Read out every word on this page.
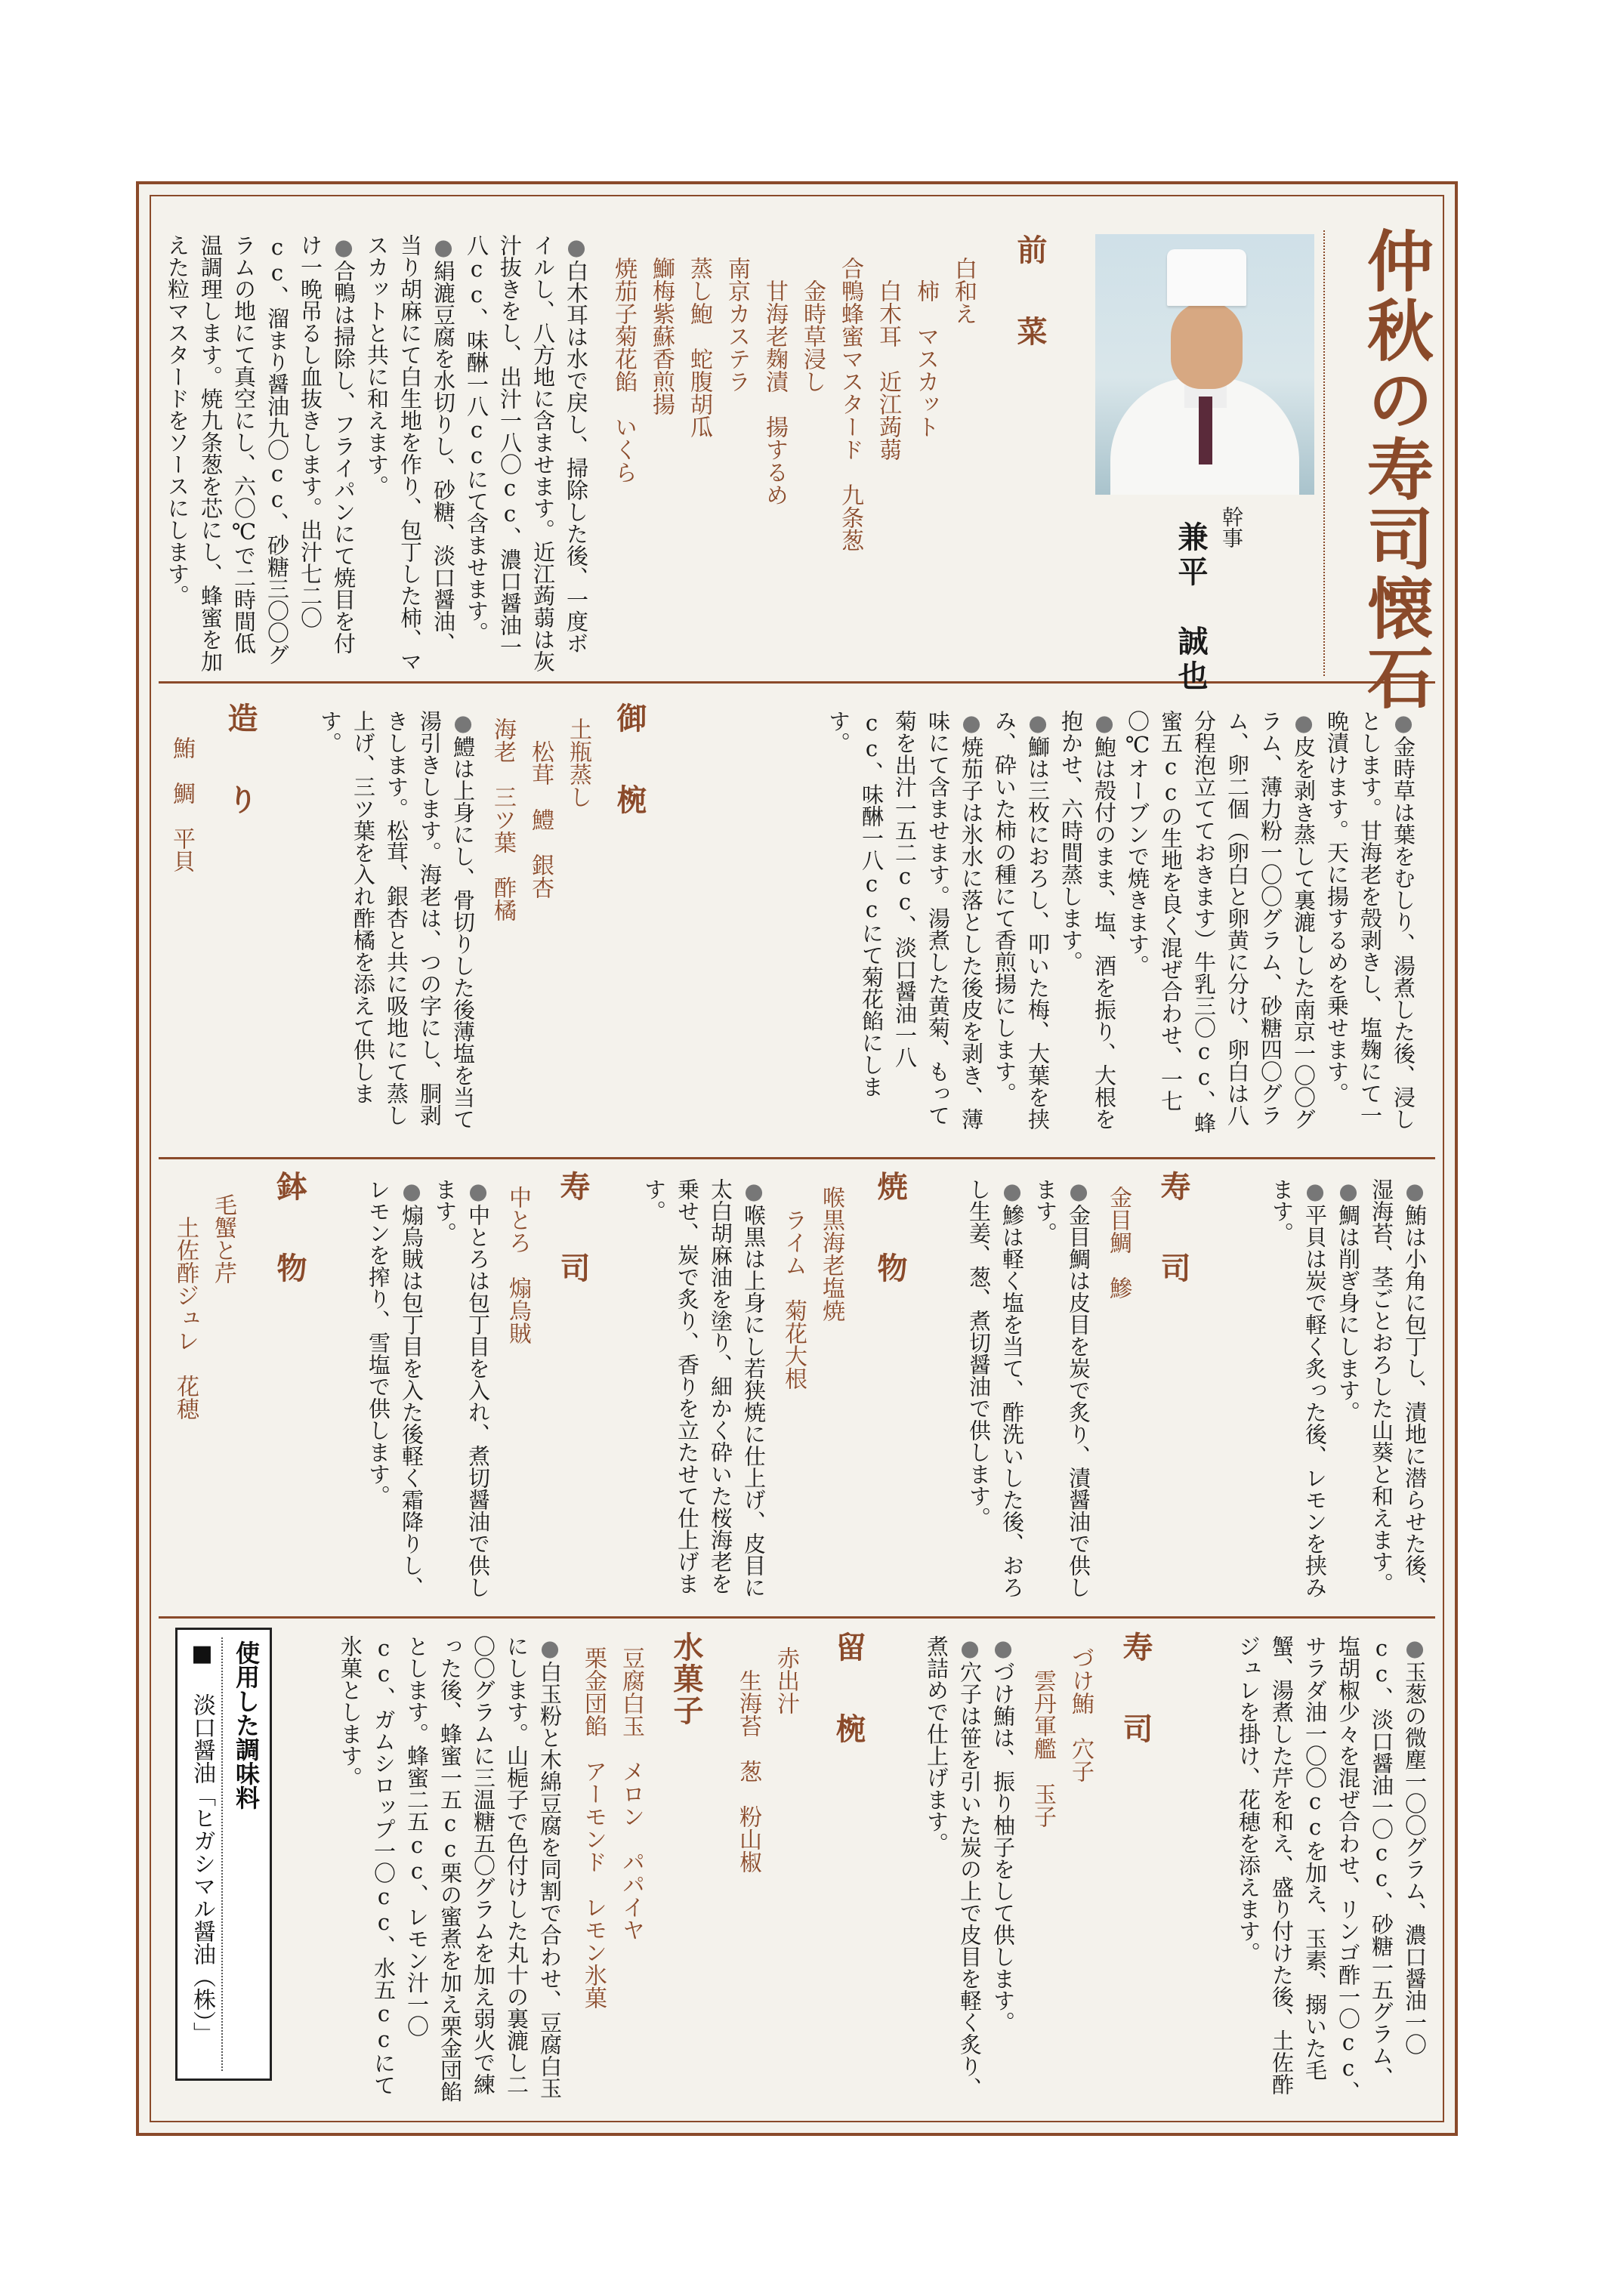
仲秋の寿司懐石
幹事
兼平　誠也
前　菜
白和え
柿　マスカット
白木耳　近江蒟蒻
合鴨蜂蜜マスタード　九条葱
金時草浸し
甘海老麹漬　揚するめ
南京カステラ
蒸し鮑　蛇腹胡瓜
鰤梅紫蘇香煎揚
焼茄子菊花餡　いくら

●白木耳は水で戻し、掃除した後、一度ボイルし、八方地に含ませます。近江蒟蒻は灰汁抜きをし、出汁一八〇cc、濃口醤油一八cc、味醂一八ccにて含ませます。

●絹漉豆腐を水切りし、砂糖、淡口醤油、当り胡麻にて白生地を作り、包丁した柿、マスカットと共に和えます。

●合鴨は掃除し、フライパンにて焼目を付け一晩吊るし血抜きします。出汁七二〇cc、溜まり醤油九〇cc、砂糖三〇〇グラムの地にて真空にし、六〇℃で二時間低温調理します。焼九条葱を芯にし、蜂蜜を加えた粒マスタードをソースにします。

●金時草は葉をむしり、湯煮した後、浸しとします。甘海老を殻剥きし、塩麹にて一晩漬けます。天に揚するめを乗せます。

●皮を剥き蒸して裏漉しした南京一〇〇グラム、薄力粉一〇〇グラム、砂糖四〇グラム、卵二個（卵白と卵黄に分け、卵白は八分程泡立てておきます）牛乳三〇cc、蜂蜜五ccの生地を良く混ぜ合わせ、一七〇℃オーブンで焼きます。

●鮑は殻付のまま、塩、酒を振り、大根を抱かせ、六時間蒸します。

●鰤は三枚におろし、叩いた梅、大葉を挟み、砕いた柿の種にて香煎揚にします。

●焼茄子は氷水に落とした後皮を剥き、薄味にて含ませます。湯煮した黄菊、もって菊を出汁一五二cc、淡口醤油一八cc、味醂一八ccにて菊花餡にします。

御　椀
土瓶蒸し
松茸　鱧　銀杏
海老　三ツ葉　酢橘

●鱧は上身にし、骨切りした後薄塩を当て湯引きします。海老は、つの字にし、胴剥きします。松茸、銀杏と共に吸地にて蒸し上げ、三ツ葉を入れ酢橘を添えて供します。

造　り
鮪　鯛　平貝

●鮪は小角に包丁し、漬地に潜らせた後、湿海苔、茎ごとおろした山葵と和えます。

●鯛は削ぎ身にします。

●平貝は炭で軽く炙った後、レモンを挟みます。

寿　司
金目鯛　鰺

●金目鯛は皮目を炭で炙り、漬醤油で供します。

●鰺は軽く塩を当て、酢洗いした後、おろし生姜、葱、煮切醤油で供します。

焼　物
喉黒海老塩焼
ライム　菊花大根

●喉黒は上身にし若狭焼に仕上げ、皮目に太白胡麻油を塗り、細かく砕いた桜海老を乗せ、炭で炙り、香りを立たせて仕上げます。

寿　司
中とろ　煽烏賊

●中とろは包丁目を入れ、煮切醤油で供します。

●煽烏賊は包丁目を入た後軽く霜降りし、レモンを搾り、雪塩で供します。

鉢　物
毛蟹と芹
土佐酢ジュレ　花穂

●玉葱の微塵一〇〇グラム、濃口醤油一〇cc、淡口醤油一〇cc、砂糖一五グラム、塩胡椒少々を混ぜ合わせ、リンゴ酢一〇cc、サラダ油一〇〇ccを加え、玉素、搦いた毛蟹、湯煮した芹を和え、盛り付けた後、土佐酢ジュレを掛け、花穂を添えます。

寿　司
づけ鮪　穴子
雲丹軍艦　玉子

●づけ鮪は、振り柚子をして供します。

●穴子は笹を引いた炭の上で皮目を軽く炙り、煮詰めで仕上げます。

留　椀
赤出汁
生海苔　葱　粉山椒
水菓子
豆腐白玉　メロン　パパイヤ
栗金団餡　アーモンド　レモン氷菓

●白玉粉と木綿豆腐を同割で合わせ、豆腐白玉にします。山梔子で色付けした丸十の裏漉し二〇〇グラムに三温糖五〇グラムを加え弱火で練った後、蜂蜜一五cc栗の蜜煮を加え栗金団餡とします。蜂蜜二五cc、レモン汁一〇cc、ガムシロップ一〇cc、水五ccにて氷菓とします。

使用した調味料
■ 淡口醤油「ヒガシマル醤油（株）」
